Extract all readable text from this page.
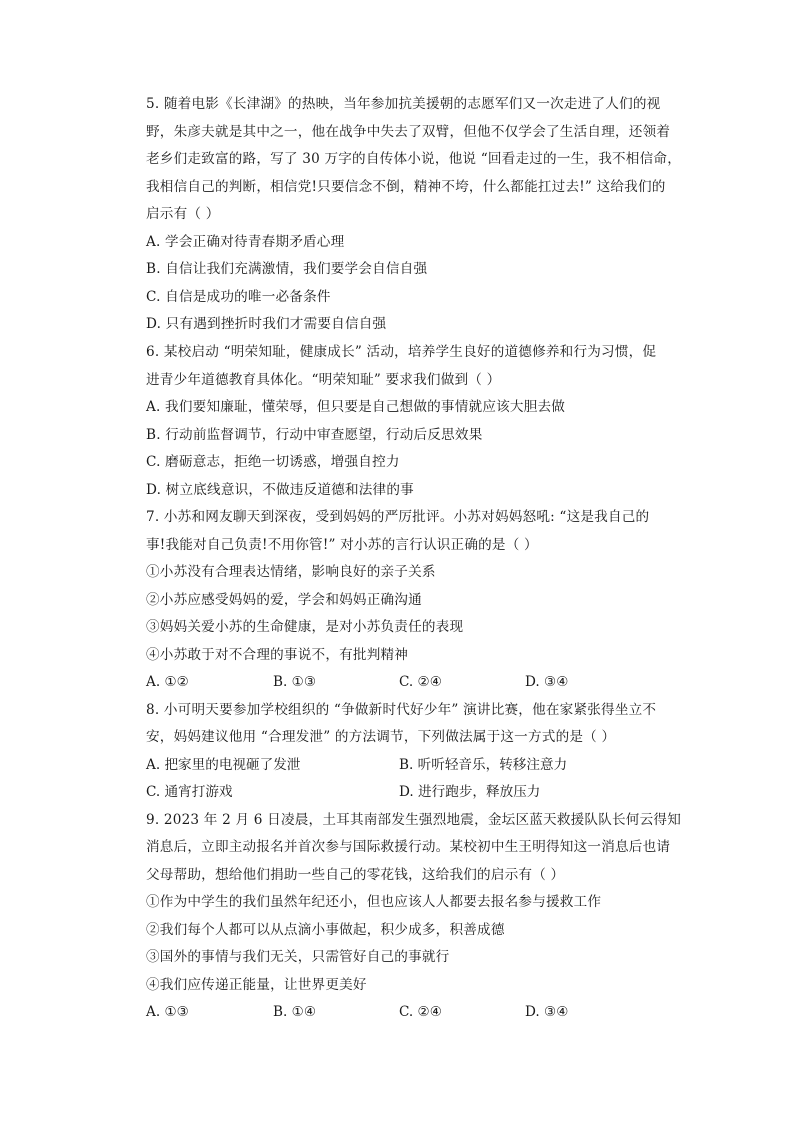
5. 随着电影《长津湖》的热映，当年参加抗美援朝的志愿军们又一次走进了人们的视
野，朱彦夫就是其中之一，他在战争中失去了双臂，但他不仅学会了生活自理，还领着
老乡们走致富的路，写了 30 万字的自传体小说，他说 “回看走过的一生，我不相信命，
我相信自己的判断，相信党!只要信念不倒，精神不垮，什么都能扛过去!” 这给我们的
启示有（ ）
A. 学会正确对待青春期矛盾心理
B. 自信让我们充满激情，我们要学会自信自强
C. 自信是成功的唯一必备条件
D. 只有遇到挫折时我们才需要自信自强
6. 某校启动 “明荣知耻，健康成长” 活动，培养学生良好的道德修养和行为习惯，促
进青少年道德教育具体化。“明荣知耻” 要求我们做到（ ）
A. 我们要知廉耻，懂荣辱，但只要是自己想做的事情就应该大胆去做
B. 行动前监督调节，行动中审查愿望，行动后反思效果
C. 磨砺意志，拒绝一切诱惑，增强自控力
D. 树立底线意识，不做违反道德和法律的事
7. 小苏和网友聊天到深夜，受到妈妈的严厉批评。小苏对妈妈怒吼: “这是我自己的
事!我能对自己负责!不用你管!” 对小苏的言行认识正确的是（ ）
①小苏没有合理表达情绪，影响良好的亲子关系
②小苏应感受妈妈的爱，学会和妈妈正确沟通
③妈妈关爱小苏的生命健康，是对小苏负责任的表现
④小苏敢于对不合理的事说不，有批判精神
A. ①②	B. ①③	C. ②④	D. ③④
8. 小可明天要参加学校组织的 “争做新时代好少年” 演讲比赛，他在家紧张得坐立不
安，妈妈建议他用 “合理发泄” 的方法调节，下列做法属于这一方式的是（ ）
A. 把家里的电视砸了发泄	B. 听听轻音乐，转移注意力
C. 通宵打游戏	D. 进行跑步，释放压力
9. 2023 年 2 月 6 日凌晨，土耳其南部发生强烈地震，金坛区蓝天救援队队长何云得知
消息后，立即主动报名并首次参与国际救援行动。某校初中生王明得知这一消息后也请
父母帮助，想给他们捐助一些自己的零花钱，这给我们的启示有（ ）
①作为中学生的我们虽然年纪还小，但也应该人人都要去报名参与援救工作
②我们每个人都可以从点滴小事做起，积少成多，积善成德
③国外的事情与我们无关，只需管好自己的事就行
④我们应传递正能量，让世界更美好
A. ①③	B. ①④	C. ②④	D. ③④
